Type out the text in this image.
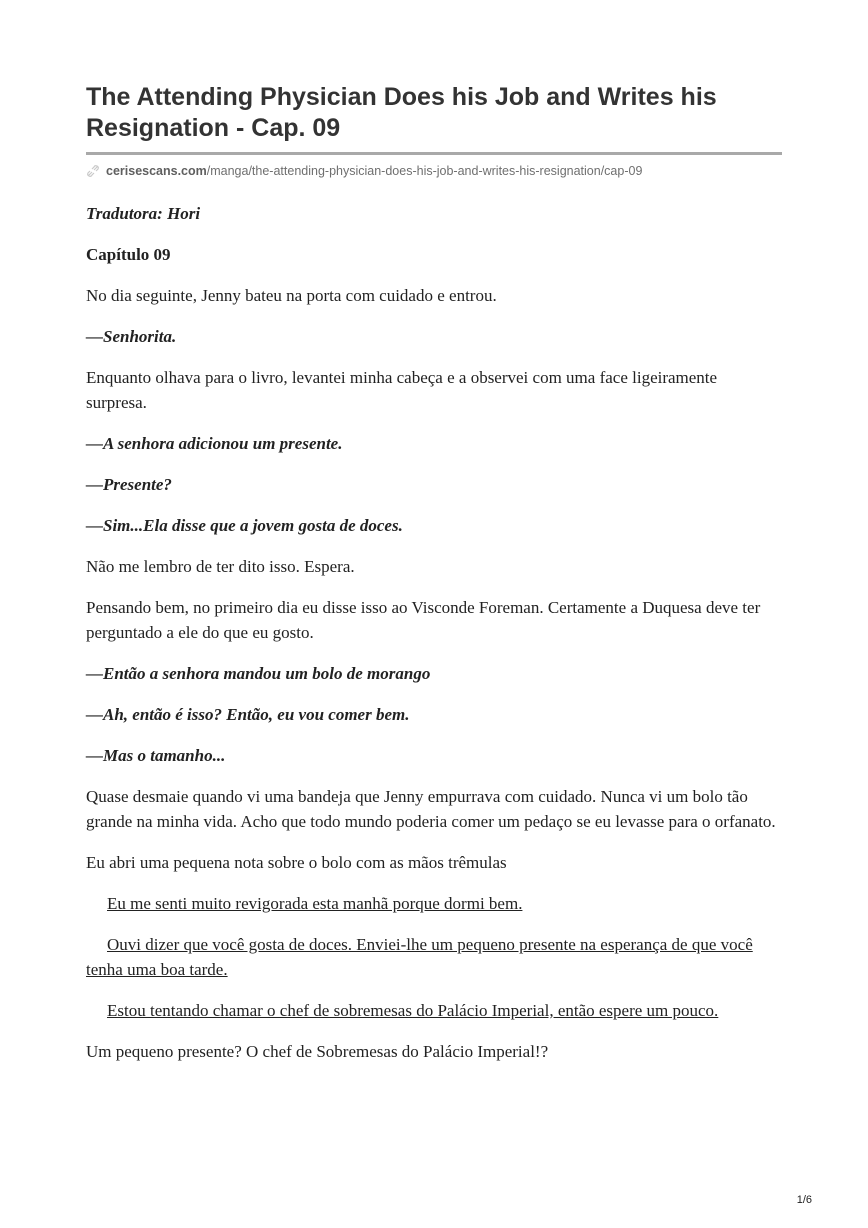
The Attending Physician Does his Job and Writes his Resignation - Cap. 09
cerisescans.com /manga/the-attending-physician-does-his-job-and-writes-his-resignation/cap-09

Tradutora: Hori

Capítulo 09

No dia seguinte, Jenny bateu na porta com cuidado e entrou.

—Senhorita.

Enquanto olhava para o livro, levantei minha cabeça e a observei com uma face ligeiramente surpresa.

—A senhora adicionou um presente.

—Presente?

—Sim...Ela disse que a jovem gosta de doces.

Não me lembro de ter dito isso. Espera.

Pensando bem, no primeiro dia eu disse isso ao Visconde Foreman. Certamente a Duquesa deve ter perguntado a ele do que eu gosto.

—Então a senhora mandou um bolo de morango

—Ah, então é isso? Então, eu vou comer bem.

—Mas o tamanho...

Quase desmaie quando vi uma bandeja que Jenny empurrava com cuidado. Nunca vi um bolo tão grande na minha vida. Acho que todo mundo poderia comer um pedaço se eu levasse para o orfanato.

Eu abri uma pequena nota sobre o bolo com as mãos trêmulas

Eu me senti muito revigorada esta manhã porque dormi bem.

Ouvi dizer que você gosta de doces. Enviei-lhe um pequeno presente na esperança de que você tenha uma boa tarde.

Estou tentando chamar o chef de sobremesas do Palácio Imperial, então espere um pouco.

Um pequeno presente? O chef de Sobremesas do Palácio Imperial!?

1/6
